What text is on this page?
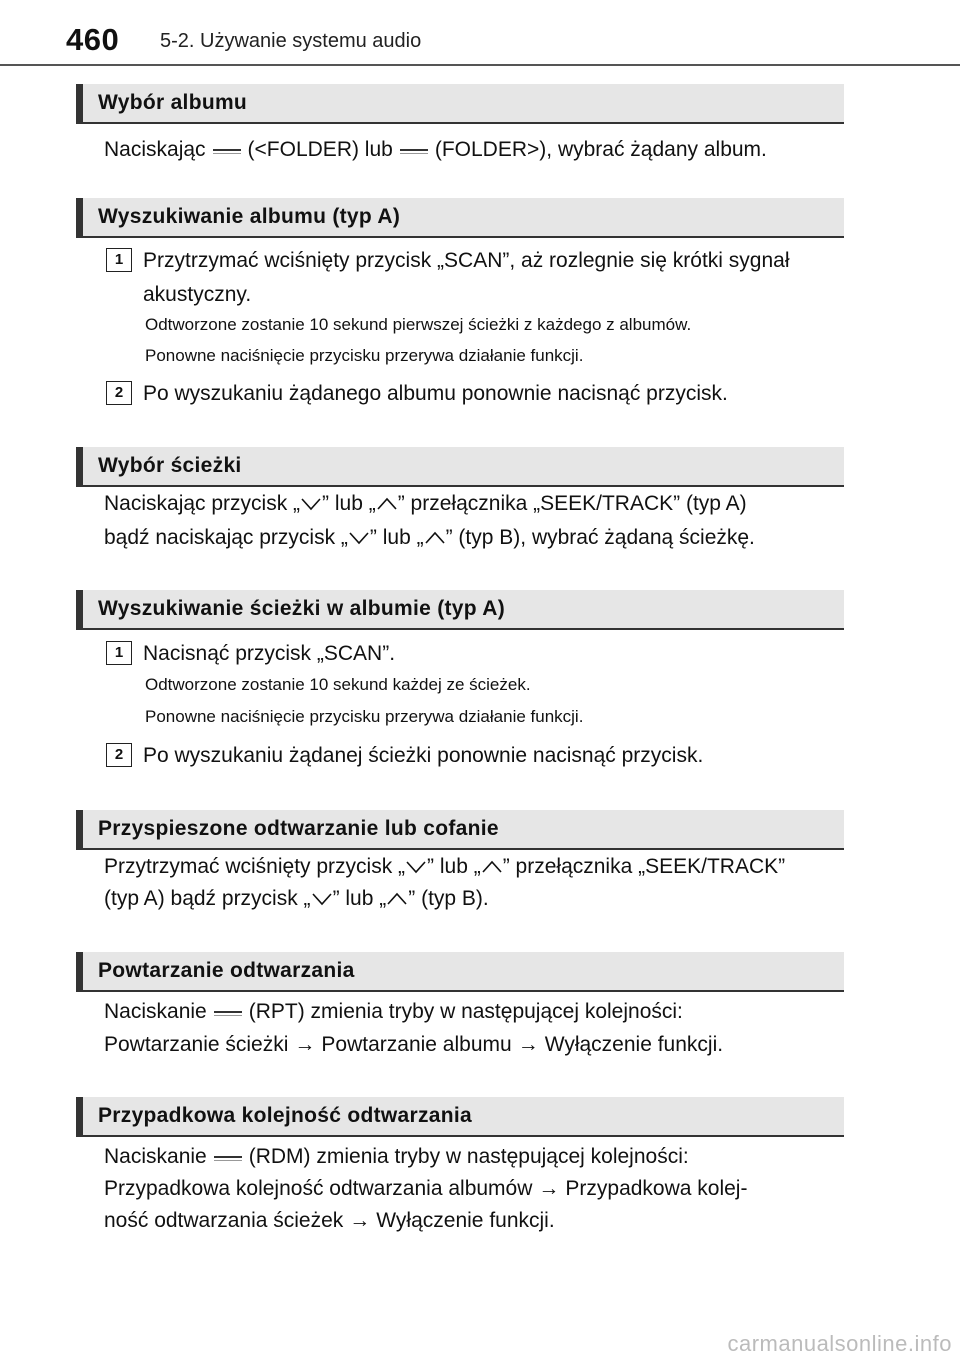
460 5-2. Używanie systemu audio
Wybór albumu

Naciskając (<FOLDER) lub (FOLDER>), wybrać żądany album.

Wyszukiwanie albumu (typ A)
1 Przytrzymać wciśnięty przycisk „SCAN”, aż rozlegnie się krótki sygnał akustyczny.

Odtworzone zostanie 10 sekund pierwszej ścieżki z każdego z albumów.

Ponowne naciśnięcie przycisku przerywa działanie funkcji.

2 Po wyszukaniu żądanego albumu ponownie nacisnąć przycisk.

Wybór ścieżki

Naciskając przycisk „ ” lub „ ” przełącznika „SEEK/TRACK” (typ A)

bądź naciskając przycisk „ ” lub „ ” (typ B), wybrać żądaną ścieżkę.

Wyszukiwanie ścieżki w albumie (typ A)
1 Nacisnąć przycisk „SCAN”.

Odtworzone zostanie 10 sekund każdej ze ścieżek.

Ponowne naciśnięcie przycisku przerywa działanie funkcji.

2 Po wyszukaniu żądanej ścieżki ponownie nacisnąć przycisk.

Przyspieszone odtwarzanie lub cofanie

Przytrzymać wciśnięty przycisk „ ” lub „ ” przełącznika „SEEK/TRACK”

(typ A) bądź przycisk „ ” lub „ ” (typ B).

Powtarzanie odtwarzania

Naciskanie (RPT) zmienia tryby w następującej kolejności:

Powtarzanie ścieżki → Powtarzanie albumu → Wyłączenie funkcji.

Przypadkowa kolejność odtwarzania

Naciskanie (RDM) zmienia tryby w następującej kolejności:

Przypadkowa kolejność odtwarzania albumów → Przypadkowa kolej-

ność odtwarzania ścieżek → Wyłączenie funkcji.

carmanualsonline.info
